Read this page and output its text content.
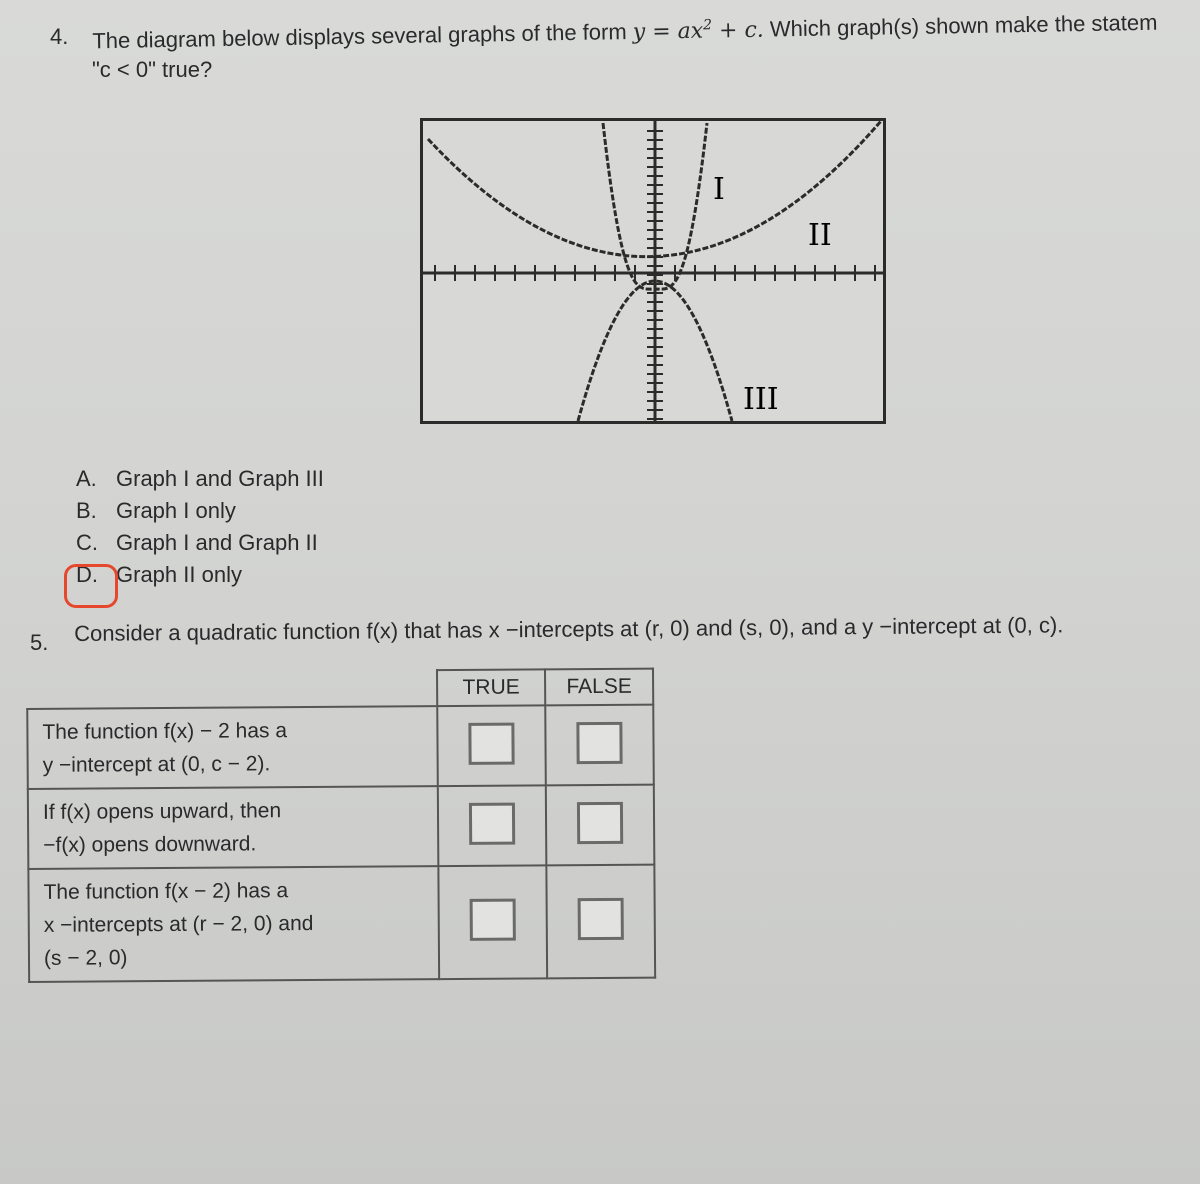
4. The diagram below displays several graphs of the form $y = ax^2 + c$. Which graph(s) shown make the statem
"c < 0" true?
I
II
III
A. Graph I and Graph III
B. Graph I only
C. Graph I and Graph II
D. Graph II only
5. Consider a quadratic function f(x) that has x −intercepts at (r, 0) and (s, 0), and a y −intercept at (0, c).
	TRUE	FALSE

The function f(x) − 2 has a
y −intercept at (0, c − 2).		

If f(x) opens upward, then
−f(x) opens downward.		

The function f(x − 2) has a
x −intercepts at (r − 2, 0) and
(s − 2, 0)		
